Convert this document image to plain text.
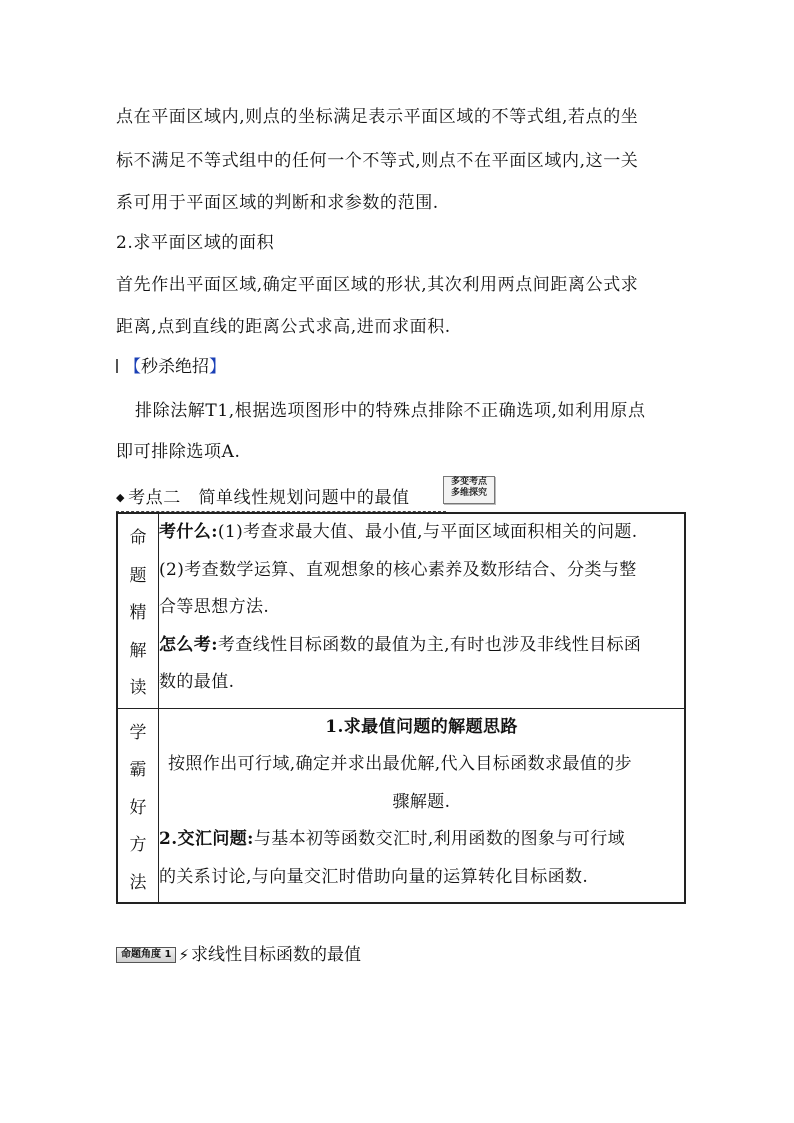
点在平面区域内,则点的坐标满足表示平面区域的不等式组,若点的坐
标不满足不等式组中的任何一个不等式,则点不在平面区域内,这一关
系可用于平面区域的判断和求参数的范围.
2.求平面区域的面积
首先作出平面区域,确定平面区域的形状,其次利用两点间距离公式求
距离,点到直线的距离公式求高,进而求面积.
【秒杀绝招】
排除法解T1,根据选项图形中的特殊点排除不正确选项,如利用原点
即可排除选项A.
◆ 考点二　简单线性规划问题中的最值
多变考点
多维探究
命
题
精
解
读	考什么:(1)考查求最大值、最小值,与平面区域面积相关的问题.
(2)考查数学运算、直观想象的核心素养及数形结合、分类与整
合等思想方法.
怎么考:考查线性目标函数的最值为主,有时也涉及非线性目标函
数的最值.

学
霸
好
方
法	1.求最值问题的解题思路
按照作出可行域,确定并求出最优解,代入目标函数求最值的步
骤解题.
2.交汇问题:与基本初等函数交汇时,利用函数的图象与可行域
的关系讨论,与向量交汇时借助向量的运算转化目标函数.
命题角度 1 ⚡ 求线性目标函数的最值
